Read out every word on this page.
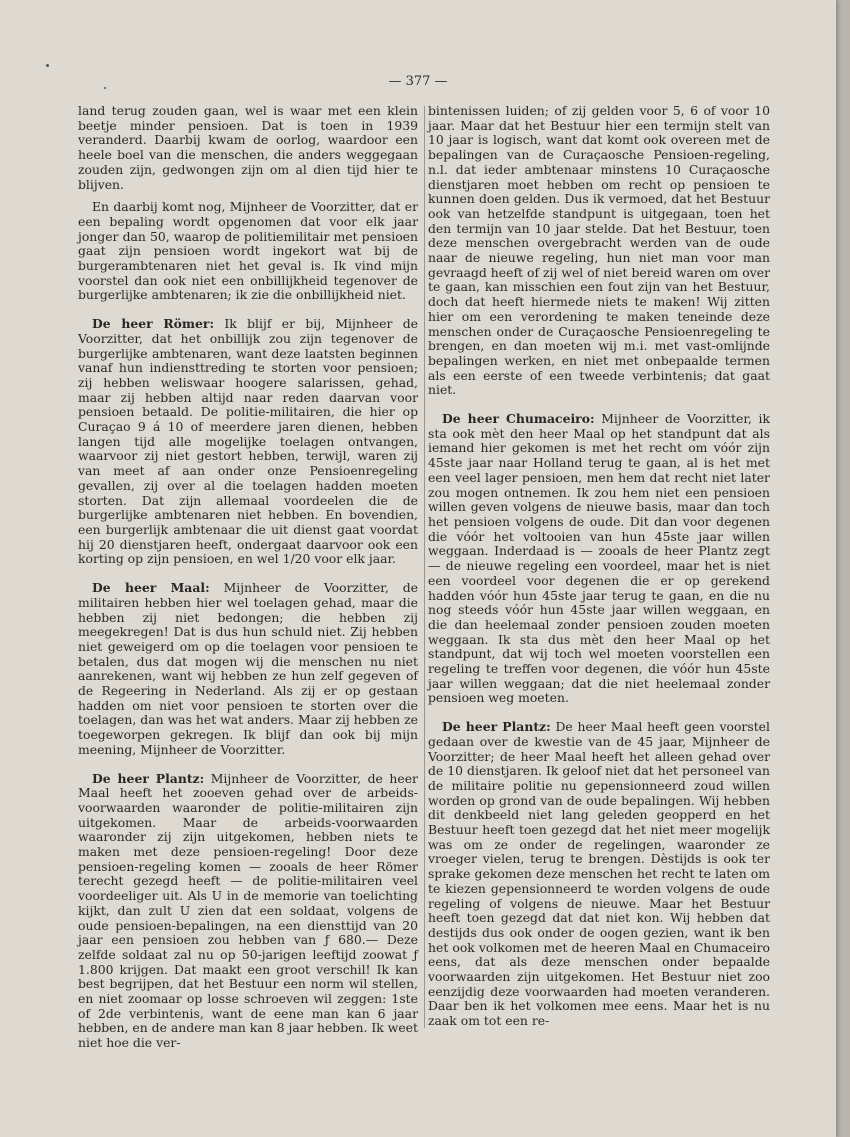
— 377 —

land terug zouden gaan, wel is waar met een klein beetje minder pensioen. Dat is toen in 1939 veranderd. Daarbij kwam de oorlog, waardoor een heele boel van die menschen, die anders weggegaan zouden zijn, gedwongen zijn om al dien tijd hier te blijven.

En daarbij komt nog, Mijnheer de Voorzitter, dat er een bepaling wordt opgenomen dat voor elk jaar jonger dan 50, waarop de politiemilitair met pensioen gaat zijn pensioen wordt ingekort wat bij de burgerambtenaren niet het geval is. Ik vind mijn voorstel dan ook niet een onbillijkheid tegenover de burgerlijke ambtenaren; ik zie die onbillijkheid niet.

De heer Römer: Ik blijf er bij, Mijnheer de Voorzitter, dat het onbillijk zou zijn tegenover de burgerlijke ambtenaren, want deze laatsten beginnen vanaf hun indiensttreding te storten voor pensioen; zij hebben weliswaar hoogere salarissen, gehad, maar zij hebben altijd naar reden daarvan voor pensioen betaald. De politie-militairen, die hier op Curaçao 9 á 10 of meerdere jaren dienen, hebben langen tijd alle mogelijke toelagen ontvangen, waarvoor zij niet gestort hebben, terwijl, waren zij van meet af aan onder onze Pensioenregeling gevallen, zij over al die toelagen hadden moeten storten. Dat zijn allemaal voordeelen die de burgerlijke ambtenaren niet hebben. En bovendien, een burgerlijk ambtenaar die uit dienst gaat voordat hij 20 dienstjaren heeft, ondergaat daarvoor ook een korting op zijn pensioen, en wel 1/20 voor elk jaar.

De heer Maal: Mijnheer de Voorzitter, de militairen hebben hier wel toelagen gehad, maar die hebben zij niet bedongen; die hebben zij meegekregen! Dat is dus hun schuld niet. Zij hebben niet geweigerd om op die toelagen voor pensioen te betalen, dus dat mogen wij die menschen nu niet aanrekenen, want wij hebben ze hun zelf gegeven of de Regeering in Nederland. Als zij er op gestaan hadden om niet voor pensioen te storten over die toelagen, dan was het wat anders. Maar zij hebben ze toegeworpen gekregen. Ik blijf dan ook bij mijn meening, Mijnheer de Voorzitter.

De heer Plantz: Mijnheer de Voorzitter, de heer Maal heeft het zooeven gehad over de arbeids-voorwaarden waaronder de politie-militairen zijn uitgekomen. Maar de arbeids-voorwaarden waaronder zij zijn uitgekomen, hebben niets te maken met deze pensioen-regeling! Door deze pensioen-regeling komen — zooals de heer Römer terecht gezegd heeft — de politie-militairen veel voordeeliger uit. Als U in de memorie van toelichting kijkt, dan zult U zien dat een soldaat, volgens de oude pensioen-bepalingen, na een diensttijd van 20 jaar een pensioen zou hebben van ƒ 680.— Deze zelfde soldaat zal nu op 50-jarigen leeftijd zoowat ƒ 1.800 krijgen. Dat maakt een groot verschil! Ik kan best begrijpen, dat het Bestuur een norm wil stellen, en niet zoomaar op losse schroeven wil zeggen: 1ste of 2de verbintenis, want de eene man kan 6 jaar hebben, en de andere man kan 8 jaar hebben. Ik weet niet hoe die ver-

bintenissen luiden; of zij gelden voor 5, 6 of voor 10 jaar. Maar dat het Bestuur hier een termijn stelt van 10 jaar is logisch, want dat komt ook overeen met de bepalingen van de Curaçaosche Pensioen-regeling, n.l. dat ieder ambtenaar minstens 10 Curaçaosche dienstjaren moet hebben om recht op pensioen te kunnen doen gelden. Dus ik vermoed, dat het Bestuur ook van hetzelfde standpunt is uitgegaan, toen het den termijn van 10 jaar stelde. Dat het Bestuur, toen deze menschen overgebracht werden van de oude naar de nieuwe regeling, hun niet man voor man gevraagd heeft of zij wel of niet bereid waren om over te gaan, kan misschien een fout zijn van het Bestuur, doch dat heeft hiermede niets te maken! Wij zitten hier om een verordening te maken teneinde deze menschen onder de Curaçaosche Pensioenregeling te brengen, en dan moeten wij m.i. met vast-omlijnde bepalingen werken, en niet met onbepaalde termen als een eerste of een tweede verbintenis; dat gaat niet.

De heer Chumaceiro: Mijnheer de Voorzitter, ik sta ook mèt den heer Maal op het standpunt dat als iemand hier gekomen is met het recht om vóór zijn 45ste jaar naar Holland terug te gaan, al is het met een veel lager pensioen, men hem dat recht niet later zou mogen ontnemen. Ik zou hem niet een pensioen willen geven volgens de nieuwe basis, maar dan toch het pensioen volgens de oude. Dit dan voor degenen die vóór het voltooien van hun 45ste jaar willen weggaan. Inderdaad is — zooals de heer Plantz zegt — de nieuwe regeling een voordeel, maar het is niet een voordeel voor degenen die er op gerekend hadden vóór hun 45ste jaar terug te gaan, en die nu nog steeds vóór hun 45ste jaar willen weggaan, en die dan heelemaal zonder pensioen zouden moeten weggaan. Ik sta dus mèt den heer Maal op het standpunt, dat wij toch wel moeten voorstellen een regeling te treffen voor degenen, die vóór hun 45ste jaar willen weggaan; dat die niet heelemaal zonder pensioen weg moeten.

De heer Plantz: De heer Maal heeft geen voorstel gedaan over de kwestie van de 45 jaar, Mijnheer de Voorzitter; de heer Maal heeft het alleen gehad over de 10 dienstjaren. Ik geloof niet dat het personeel van de militaire politie nu gepensionneerd zoud willen worden op grond van de oude bepalingen. Wij hebben dit denkbeeld niet lang geleden geopperd en het Bestuur heeft toen gezegd dat het niet meer mogelijk was om ze onder de regelingen, waaronder ze vroeger vielen, terug te brengen. Dèstijds is ook ter sprake gekomen deze menschen het recht te laten om te kiezen gepensionneerd te worden volgens de oude regeling of volgens de nieuwe. Maar het Bestuur heeft toen gezegd dat dat niet kon. Wij hebben dat destijds dus ook onder de oogen gezien, want ik ben het ook volkomen met de heeren Maal en Chumaceiro eens, dat als deze menschen onder bepaalde voorwaarden zijn uitgekomen. Het Bestuur niet zoo eenzijdig deze voorwaarden had moeten veranderen. Daar ben ik het volkomen mee eens. Maar het is nu zaak om tot een re-
